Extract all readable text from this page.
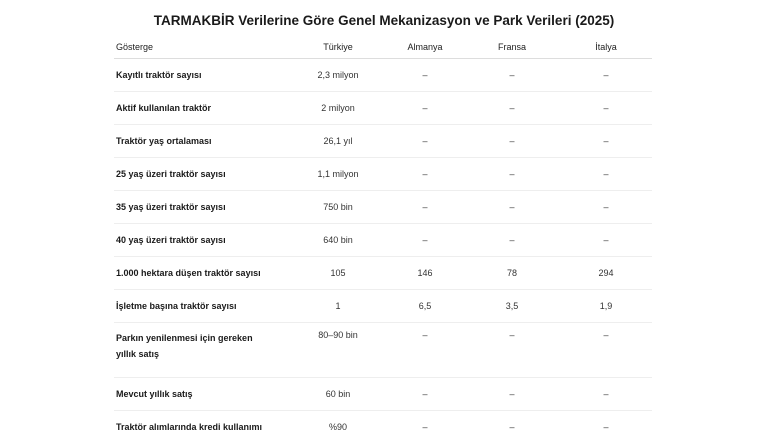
TARMAKBİR Verilerine Göre Genel Mekanizasyon ve Park Verileri (2025)
Gösterge	Türkiye	Almanya	Fransa	İtalya
Kayıtlı traktör sayısı	2,3 milyon	–	–	–
Aktif kullanılan traktör	2 milyon	–	–	–
Traktör yaş ortalaması	26,1 yıl	–	–	–
25 yaş üzeri traktör sayısı	1,1 milyon	–	–	–
35 yaş üzeri traktör sayısı	750 bin	–	–	–
40 yaş üzeri traktör sayısı	640 bin	–	–	–
1.000 hektara düşen traktör sayısı	105	146	78	294
İşletme başına traktör sayısı	1	6,5	3,5	1,9
Parkın yenilenmesi için gereken yıllık satış	80–90 bin	–	–	–
Mevcut yıllık satış	60 bin	–	–	–
Traktör alımlarında kredi kullanımı	%90	–	–	–
